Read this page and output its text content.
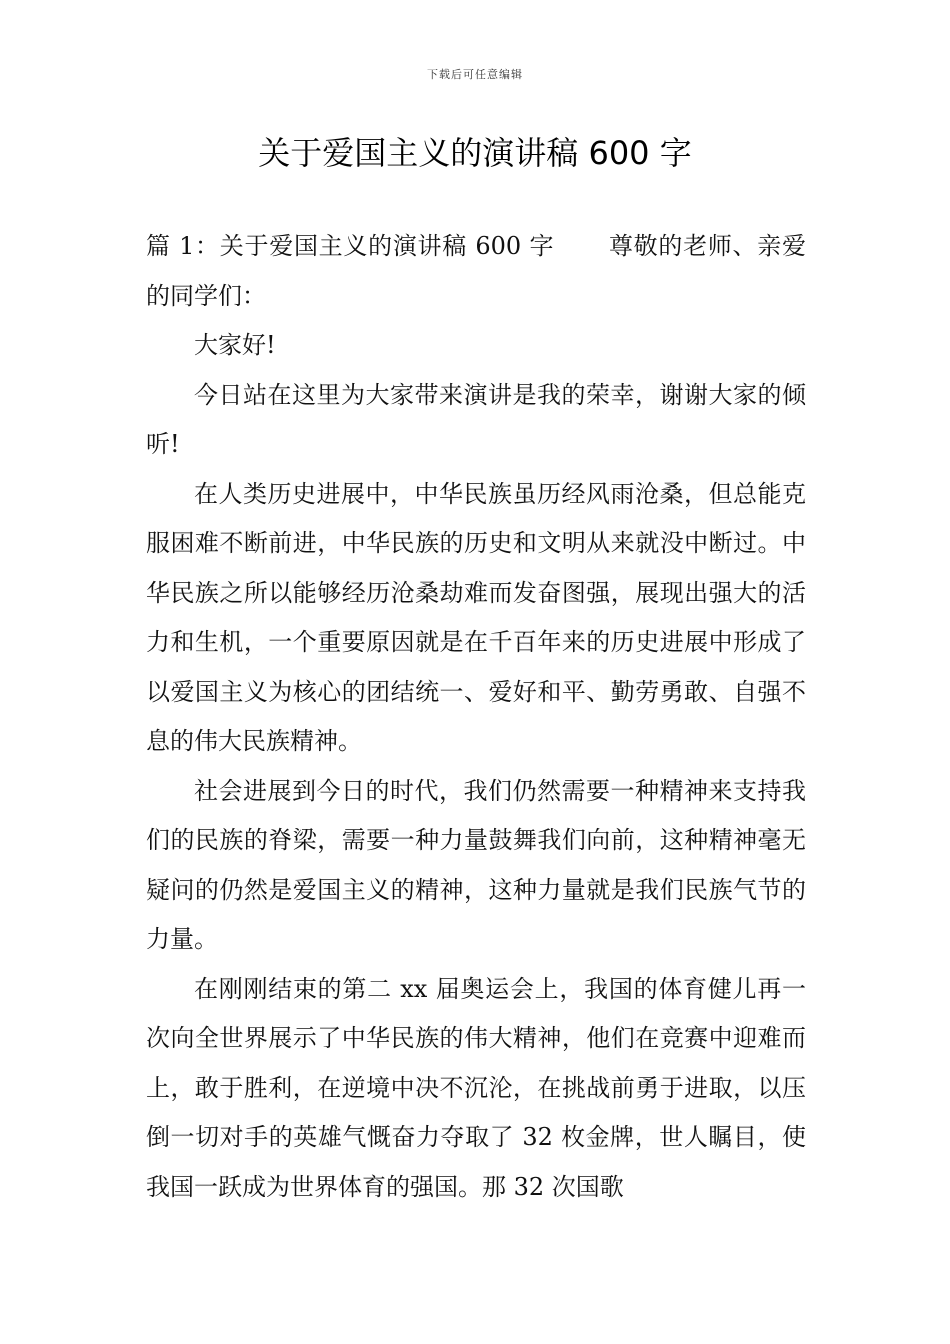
下载后可任意编辑
关于爱国主义的演讲稿 600 字

篇 1：关于爱国主义的演讲稿 600 字 尊敬的老师、亲爱的同学们：

大家好!

今日站在这里为大家带来演讲是我的荣幸，谢谢大家的倾听!

在人类历史进展中，中华民族虽历经风雨沧桑，但总能克服困难不断前进，中华民族的历史和文明从来就没中断过。中华民族之所以能够经历沧桑劫难而发奋图强，展现出强大的活力和生机，一个重要原因就是在千百年来的历史进展中形成了以爱国主义为核心的团结统一、爱好和平、勤劳勇敢、自强不息的伟大民族精神。

社会进展到今日的时代，我们仍然需要一种精神来支持我们的民族的脊梁，需要一种力量鼓舞我们向前，这种精神毫无疑问的仍然是爱国主义的精神，这种力量就是我们民族气节的力量。

在刚刚结束的第二 xx 届奥运会上，我国的体育健儿再一次向全世界展示了中华民族的伟大精神，他们在竞赛中迎难而上，敢于胜利，在逆境中决不沉沦，在挑战前勇于进取，以压倒一切对手的英雄气慨奋力夺取了 32 枚金牌，世人瞩目，使我国一跃成为世界体育的强国。那 32 次国歌
